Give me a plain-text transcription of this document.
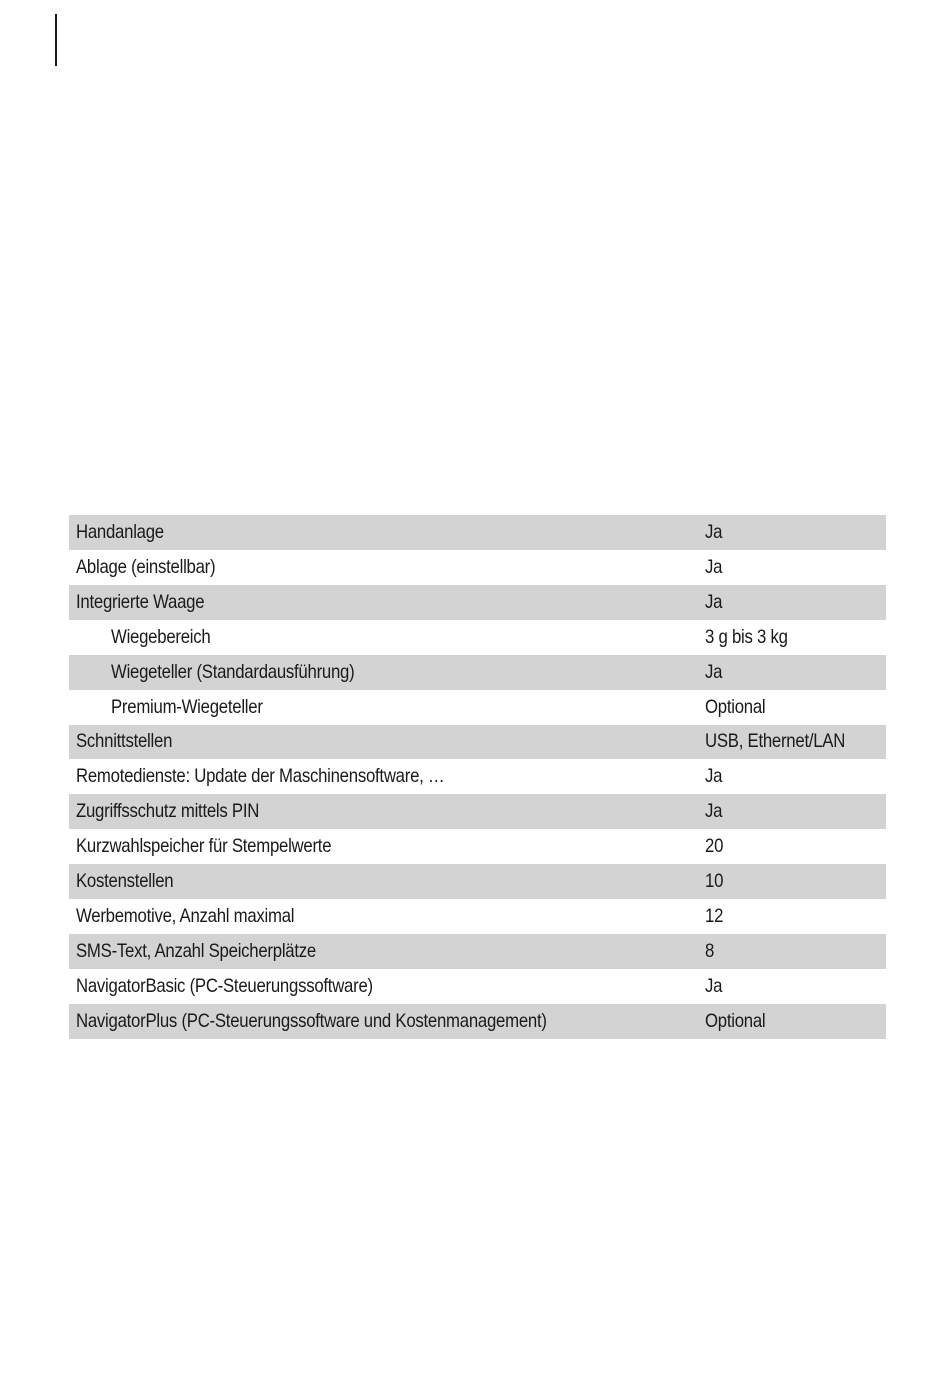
Handanlage	Ja
Ablage (einstellbar)	Ja
Integrierte Waage	Ja
Wiegebereich	3 g bis 3 kg
Wiegeteller (Standardausführung)	Ja
Premium-Wiegeteller	Optional
Schnittstellen	USB, Ethernet/LAN
Remotedienste: Update der Maschinensoftware, …	Ja
Zugriffsschutz mittels PIN	Ja
Kurzwahlspeicher für Stempelwerte	20
Kostenstellen	10
Werbemotive, Anzahl maximal	12
SMS-Text, Anzahl Speicherplätze	8
NavigatorBasic (PC-Steuerungssoftware)	Ja
NavigatorPlus (PC-Steuerungssoftware und Kostenmanagement)	Optional
